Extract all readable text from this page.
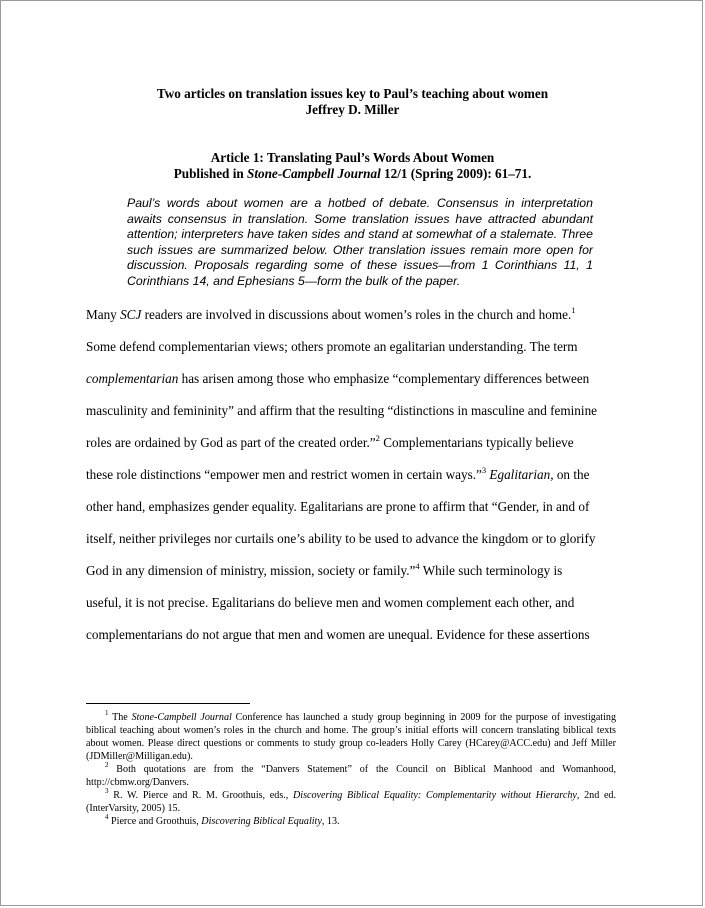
Two articles on translation issues key to Paul’s teaching about women
Jeffrey D. Miller
Article 1: Translating Paul’s Words About Women
Published in Stone-Campbell Journal 12/1 (Spring 2009): 61–71.

Paul’s words about women are a hotbed of debate. Consensus in interpretation awaits consensus in translation. Some translation issues have attracted abundant attention; interpreters have taken sides and stand at somewhat of a stalemate. Three such issues are summarized below. Other translation issues remain more open for discussion. Proposals regarding some of these issues—from 1 Corinthians 11, 1 Corinthians 14, and Ephesians 5—form the bulk of the paper.

Many SCJ readers are involved in discussions about women’s roles in the church and home.$^1$
Some defend complementarian views; others promote an egalitarian understanding. The term
complementarian has arisen among those who emphasize “complementary differences between
masculinity and femininity” and affirm that the resulting “distinctions in masculine and feminine
roles are ordained by God as part of the created order.”$^2$ Complementarians typically believe
these role distinctions “empower men and restrict women in certain ways.”$^3$ Egalitarian, on the
other hand, emphasizes gender equality. Egalitarians are prone to affirm that “Gender, in and of
itself, neither privileges nor curtails one’s ability to be used to advance the kingdom or to glorify
God in any dimension of ministry, mission, society or family.”$^4$ While such terminology is
useful, it is not precise. Egalitarians do believe men and women complement each other, and
complementarians do not argue that men and women are unequal. Evidence for these assertions

$^1$ The Stone-Campbell Journal Conference has launched a study group beginning in 2009 for the purpose of investigating biblical teaching about women’s roles in the church and home. The group’s initial efforts will concern translating biblical texts about women. Please direct questions or comments to study group co-leaders Holly Carey (HCarey@ACC.edu) and Jeff Miller (JDMiller@Milligan.edu).

$^2$ Both quotations are from the “Danvers Statement” of the Council on Biblical Manhood and Womanhood, http://cbmw.org/Danvers.

$^3$ R. W. Pierce and R. M. Groothuis, eds., Discovering Biblical Equality: Complementarity without Hierarchy, 2nd ed. (InterVarsity, 2005) 15.

$^4$ Pierce and Groothuis, Discovering Biblical Equality, 13.
